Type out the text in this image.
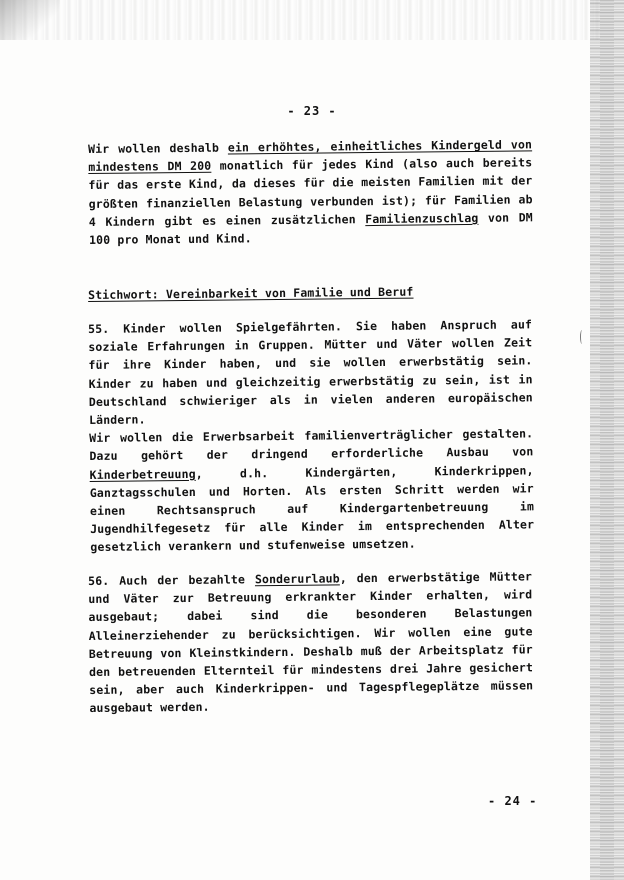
- 23 -

Wir wollen deshalb ein erhöhtes, einheitliches Kindergeld von mindestens DM 200 monatlich für jedes Kind (also auch bereits für das erste Kind, da dieses für die meisten Familien mit der größten finanziellen Belastung verbunden ist); für Familien ab 4 Kindern gibt es einen zusätzlichen Familienzuschlag von DM 100 pro Monat und Kind.

Stichwort: Vereinbarkeit von Familie und Beruf

55. Kinder wollen Spielgefährten. Sie haben Anspruch auf soziale Erfahrungen in Gruppen. Mütter und Väter wollen Zeit für ihre Kinder haben, und sie wollen erwerbstätig sein. Kinder zu haben und gleichzeitig erwerbstätig zu sein, ist in Deutschland schwieriger als in vielen anderen europäischen Ländern.

Wir wollen die Erwerbsarbeit familienverträglicher gestalten. Dazu gehört der dringend erforderliche Ausbau von Kinderbetreuung, d.h. Kindergärten, Kinderkrippen, Ganztagsschulen und Horten. Als ersten Schritt werden wir einen Rechtsanspruch auf Kindergartenbetreuung im Jugendhilfegesetz für alle Kinder im entsprechenden Alter gesetzlich verankern und stufenweise umsetzen.

56. Auch der bezahlte Sonderurlaub, den erwerbstätige Mütter und Väter zur Betreuung erkrankter Kinder erhalten, wird ausgebaut; dabei sind die besonderen Belastungen Alleinerziehender zu berücksichtigen. Wir wollen eine gute Betreuung von Kleinstkindern. Deshalb muß der Arbeitsplatz für den betreuenden Elternteil für mindestens drei Jahre gesichert sein, aber auch Kinderkrippen- und Tagespflegeplätze müssen ausgebaut werden.

- 24 -
